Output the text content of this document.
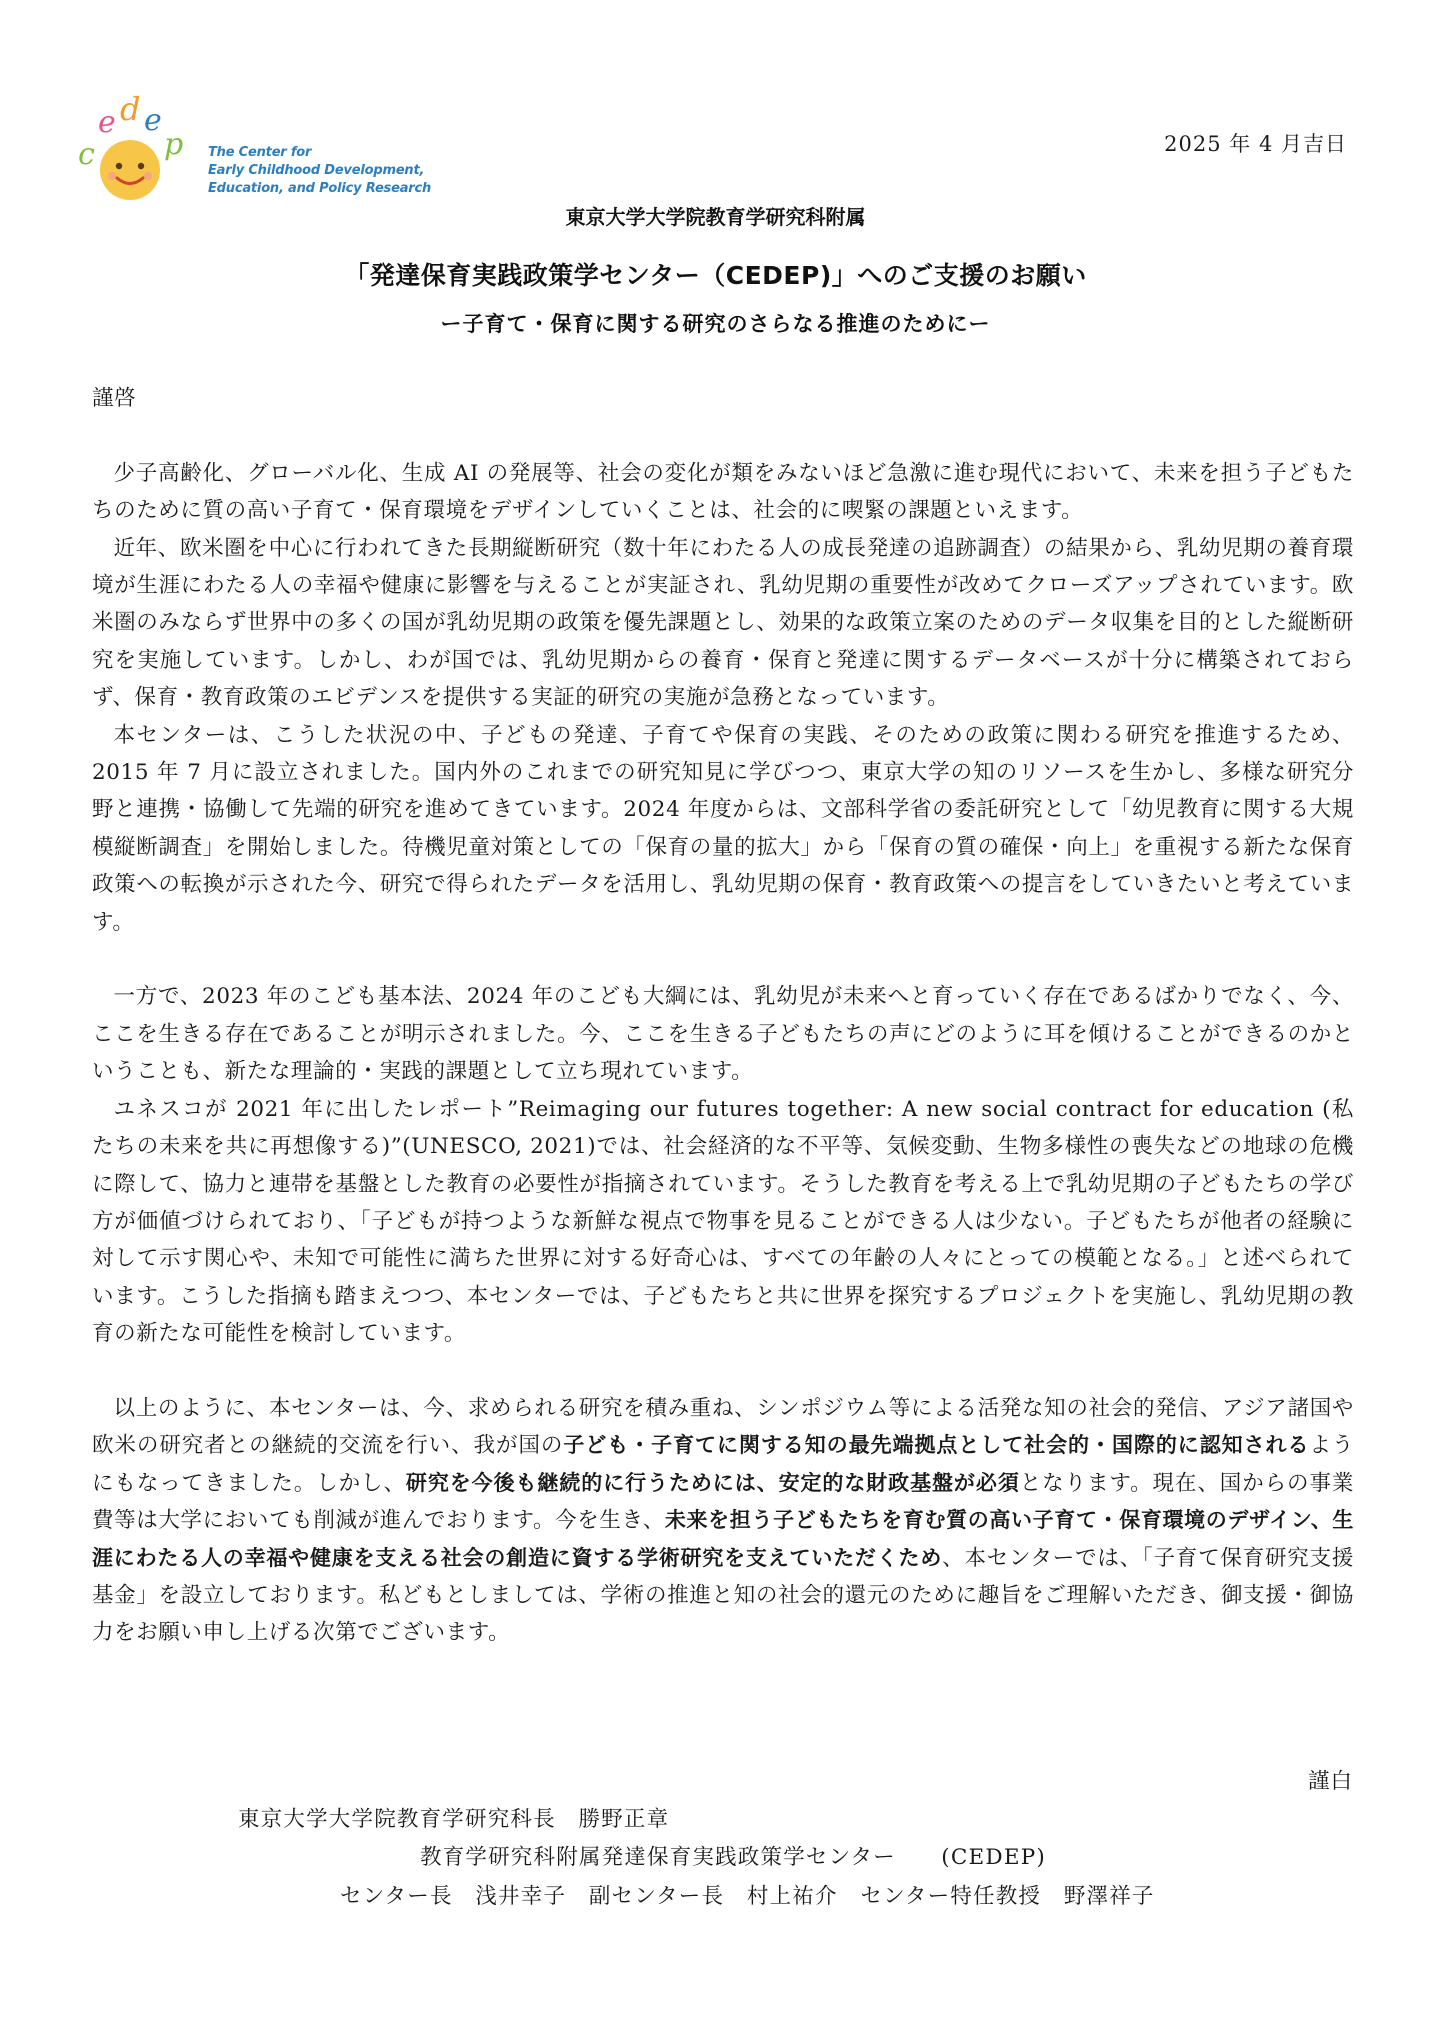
c
e d e
p The Center for
Early Childhood Development,
Education, and Policy Research
2025 年 4 月吉日
東京大学大学院教育学研究科附属
「発達保育実践政策学センター（CEDEP)」へのご支援のお願い
ー子育て・保育に関する研究のさらなる推進のためにー

謹啓

少子高齢化、グローバル化、生成 AI の発展等、社会の変化が類をみないほど急激に進む現代において、未来を担う子どもたちのために質の高い子育て・保育環境をデザインしていくことは、社会的に喫緊の課題といえます。

近年、欧米圏を中心に行われてきた長期縦断研究（数十年にわたる人の成長発達の追跡調査）の結果から、乳幼児期の養育環境が生涯にわたる人の幸福や健康に影響を与えることが実証され、乳幼児期の重要性が改めてクローズアップされています。欧米圏のみならず世界中の多くの国が乳幼児期の政策を優先課題とし、効果的な政策立案のためのデータ収集を目的とした縦断研究を実施しています。しかし、わが国では、乳幼児期からの養育・保育と発達に関するデータベースが十分に構築されておらず、保育・教育政策のエビデンスを提供する実証的研究の実施が急務となっています。

本センターは、こうした状況の中、子どもの発達、子育てや保育の実践、そのための政策に関わる研究を推進するため、2015 年 7 月に設立されました。国内外のこれまでの研究知見に学びつつ、東京大学の知のリソースを生かし、多様な研究分野と連携・協働して先端的研究を進めてきています。2024 年度からは、文部科学省の委託研究として「幼児教育に関する大規模縦断調査」を開始しました。待機児童対策としての「保育の量的拡大」から「保育の質の確保・向上」を重視する新たな保育政策への転換が示された今、研究で得られたデータを活用し、乳幼児期の保育・教育政策への提言をしていきたいと考えています。

一方で、2023 年のこども基本法、2024 年のこども大綱には、乳幼児が未来へと育っていく存在であるばかりでなく、今、ここを生きる存在であることが明示されました。今、ここを生きる子どもたちの声にどのように耳を傾けることができるのかということも、新たな理論的・実践的課題として立ち現れています。

ユネスコが 2021 年に出したレポート”Reimaging our futures together: A new social contract for education (私たちの未来を共に再想像する)”(UNESCO, 2021)では、社会経済的な不平等、気候変動、生物多様性の喪失などの地球の危機に際して、協力と連帯を基盤とした教育の必要性が指摘されています。そうした教育を考える上で乳幼児期の子どもたちの学び方が価値づけられており、「子どもが持つような新鮮な視点で物事を見ることができる人は少ない。子どもたちが他者の経験に対して示す関心や、未知で可能性に満ちた世界に対する好奇心は、すべての年齢の人々にとっての模範となる。」と述べられています。こうした指摘も踏まえつつ、本センターでは、子どもたちと共に世界を探究するプロジェクトを実施し、乳幼児期の教育の新たな可能性を検討しています。

以上のように、本センターは、今、求められる研究を積み重ね、シンポジウム等による活発な知の社会的発信、アジア諸国や欧米の研究者との継続的交流を行い、我が国の子ども・子育てに関する知の最先端拠点として社会的・国際的に認知されるようにもなってきました。しかし、研究を今後も継続的に行うためには、安定的な財政基盤が必須となります。現在、国からの事業費等は大学においても削減が進んでおります。今を生き、未来を担う子どもたちを育む質の高い子育て・保育環境のデザイン、生涯にわたる人の幸福や健康を支える社会の創造に資する学術研究を支えていただくため、本センターでは、「子育て保育研究支援基金」を設立しております。私どもとしましては、学術の推進と知の社会的還元のために趣旨をご理解いただき、御支援・御協力をお願い申し上げる次第でございます。

謹白
東京大学大学院教育学研究科長　勝野正章
教育学研究科附属発達保育実践政策学センター　　(CEDEP)
センター長　浅井幸子　副センター長　村上祐介　センター特任教授　野澤祥子
